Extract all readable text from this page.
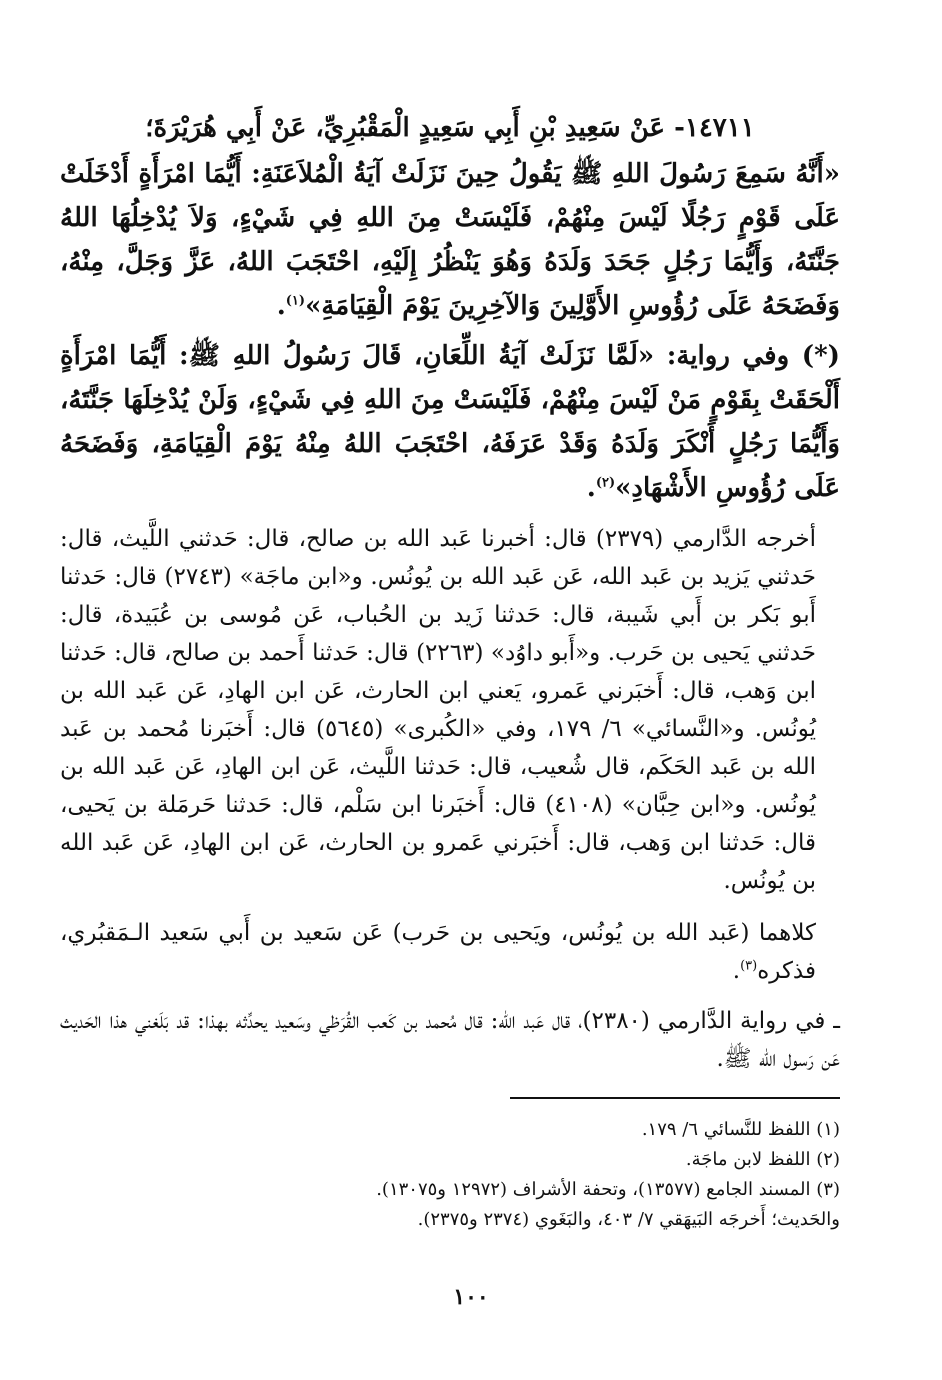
١٤٧١١- عَنْ سَعِيدِ بْنِ أَبِي سَعِيدٍ الْمَقْبُرِيِّ، عَنْ أَبِي هُرَيْرَةَ؛

«أَنَّهُ سَمِعَ رَسُولَ اللهِ ﷺ يَقُولُ حِينَ نَزَلَتْ آيَةُ الْمُلاَعَنَةِ: أَيُّمَا امْرَأَةٍ أَدْخَلَتْ عَلَى قَوْمٍ رَجُلًا لَيْسَ مِنْهُمْ، فَلَيْسَتْ مِنَ اللهِ فِي شَيْءٍ، وَلاَ يُدْخِلُهَا اللهُ جَنَّتَهُ، وَأَيُّمَا رَجُلٍ جَحَدَ وَلَدَهُ وَهُوَ يَنْظُرُ إِلَيْهِ، احْتَجَبَ اللهُ، عَزَّ وَجَلَّ، مِنْهُ، وَفَضَحَهُ عَلَى رُؤُوسِ الأَوَّلِينَ وَالآخِرِينَ يَوْمَ الْقِيَامَةِ»$^{(١)}$.

(*) وفي رواية: «لَمَّا نَزَلَتْ آيَةُ اللِّعَانِ، قَالَ رَسُولُ اللهِ ﷺ: أَيُّمَا امْرَأَةٍ أَلْحَقَتْ بِقَوْمٍ مَنْ لَيْسَ مِنْهُمْ، فَلَيْسَتْ مِنَ اللهِ فِي شَيْءٍ، وَلَنْ يُدْخِلَهَا جَنَّتَهُ، وَأَيُّمَا رَجُلٍ أَنْكَرَ وَلَدَهُ وَقَدْ عَرَفَهُ، احْتَجَبَ اللهُ مِنْهُ يَوْمَ الْقِيَامَةِ، وَفَضَحَهُ عَلَى رُؤُوسِ الأَشْهَادِ»$^{(٢)}$.

أخرجه الدَّارمي (٢٣٧٩) قال: أخبرنا عَبد الله بن صالح، قال: حَدثني اللَّيث، قال: حَدثني يَزيد بن عَبد الله، عَن عَبد الله بن يُونُس. و«ابن ماجَة» (٢٧٤٣) قال: حَدثنا أَبو بَكر بن أَبي شَيبة، قال: حَدثنا زَيد بن الحُباب، عَن مُوسى بن عُبَيدة، قال: حَدثني يَحيى بن حَرب. و«أَبو داوُد» (٢٢٦٣) قال: حَدثنا أَحمد بن صالح، قال: حَدثنا ابن وَهب، قال: أَخبَرني عَمرو، يَعني ابن الحارث، عَن ابن الهادِ، عَن عَبد الله بن يُونُس. و«النَّسائي» ٦/ ١٧٩، وفي «الكُبرى» (٥٦٤٥) قال: أَخبَرنا مُحمد بن عَبد الله بن عَبد الحَكَم، قال شُعيب، قال: حَدثنا اللَّيث، عَن ابن الهادِ، عَن عَبد الله بن يُونُس. و«ابن حِبَّان» (٤١٠٨) قال: أَخبَرنا ابن سَلْم، قال: حَدثنا حَرمَلة بن يَحيى، قال: حَدثنا ابن وَهب، قال: أَخبَرني عَمرو بن الحارث، عَن ابن الهادِ، عَن عَبد الله بن يُونُس.

كلاهما (عَبد الله بن يُونُس، ويَحيى بن حَرب) عَن سَعيد بن أَبي سَعيد الـمَقبُري، فذكره$^{(٣)}$.

ـ في رواية الدَّارمي (٢٣٨٠)، قال عَبد الله: قال مُحمد بن كَعب القُرَظي وسَعيد يحدِّثه بهذا: قد بَلَغني هذا الحَديث عَن رَسول الله ﷺ.

(١) اللفظ للنَّسائي ٦/ ١٧٩.

(٢) اللفظ لابن ماجَة.

(٣) المسند الجامع (١٣٥٧٧)، وتحفة الأشراف (١٢٩٧٢ و١٣٠٧٥).

والحَديث؛ أَخرجَه البَيهَقي ٧/ ٤٠٣، والبَغَوي (٢٣٧٤ و٢٣٧٥).

١٠٠
